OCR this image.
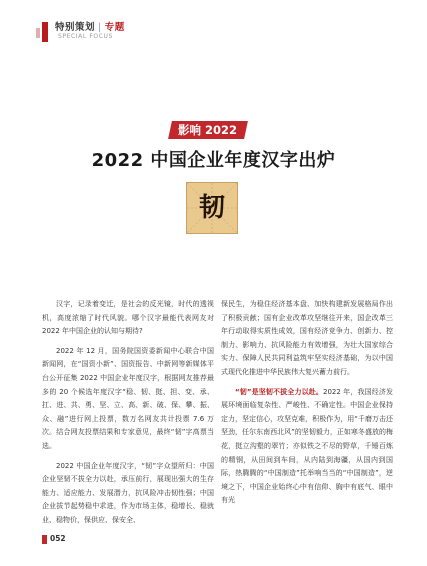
特别策划 | 专题
SPECIAL FOCUS
影响 2022
2022 中国企业年度汉字出炉
韧

汉字，记录着变迁，是社会的反光镜，时代的透视机，高度浓缩了时代风貌。哪个汉字最能代表网友对 2022 年中国企业的认知与期待?

2022 年 12 月，国务院国资委新闻中心联合中国新闻网，在“国资小新”、国资报告、中新网等新媒体平台公开征集 2022 中国企业年度汉字，根据网友推荐最多的 20 个候选年度汉字“稳、韧、挺、担、变、承、扛、进、共、勇、坚、立、高、新、破、保、攀、振、众、融”进行网上投票，数万名网友共计投票 7.6 万次。结合网友投票结果和专家意见，最终“韧”字高票当选。

2022 中国企业年度汉字，“韧”字众望所归：中国企业坚韧不拔全力以赴，承压前行，展现出强大的生存能力、适应能力、发展潜力，抗风险冲击韧性强；中国企业拔节起势稳中求进，作为市场主体，稳增长、稳就业、稳物价，保供应、保安全、

保民生，为稳住经济基本盘、加快构建新发展格局作出了积极贡献；国有企业改革攻坚继往开来，国企改革三年行动取得实质性成效，国有经济竞争力、创新力、控制力、影响力、抗风险能力有效增强，为壮大国家综合实力、保障人民共同利益筑牢坚实经济基础，为以中国式现代化推进中华民族伟大复兴蓄力前行。

“韧”是坚韧不拔全力以赴。2022 年，我国经济发展环境面临复杂性、严峻性、不确定性。中国企业保持定力，坚定信心，攻坚克难，积极作为，用“千磨万击还坚劲，任尔东南西北风”的坚韧毅力，正如寒冬盛放的梅花，挺立沟壑的翠竹；亦似铁之不尽的野草，千锤百炼的精钢，从田间到车间，从内陆到海疆，从国内到国际，热腾腾的“中国制造”托举响当当的“中国制造”，逆境之下，中国企业始终心中有信仰、胸中有底气、眼中有光

052
